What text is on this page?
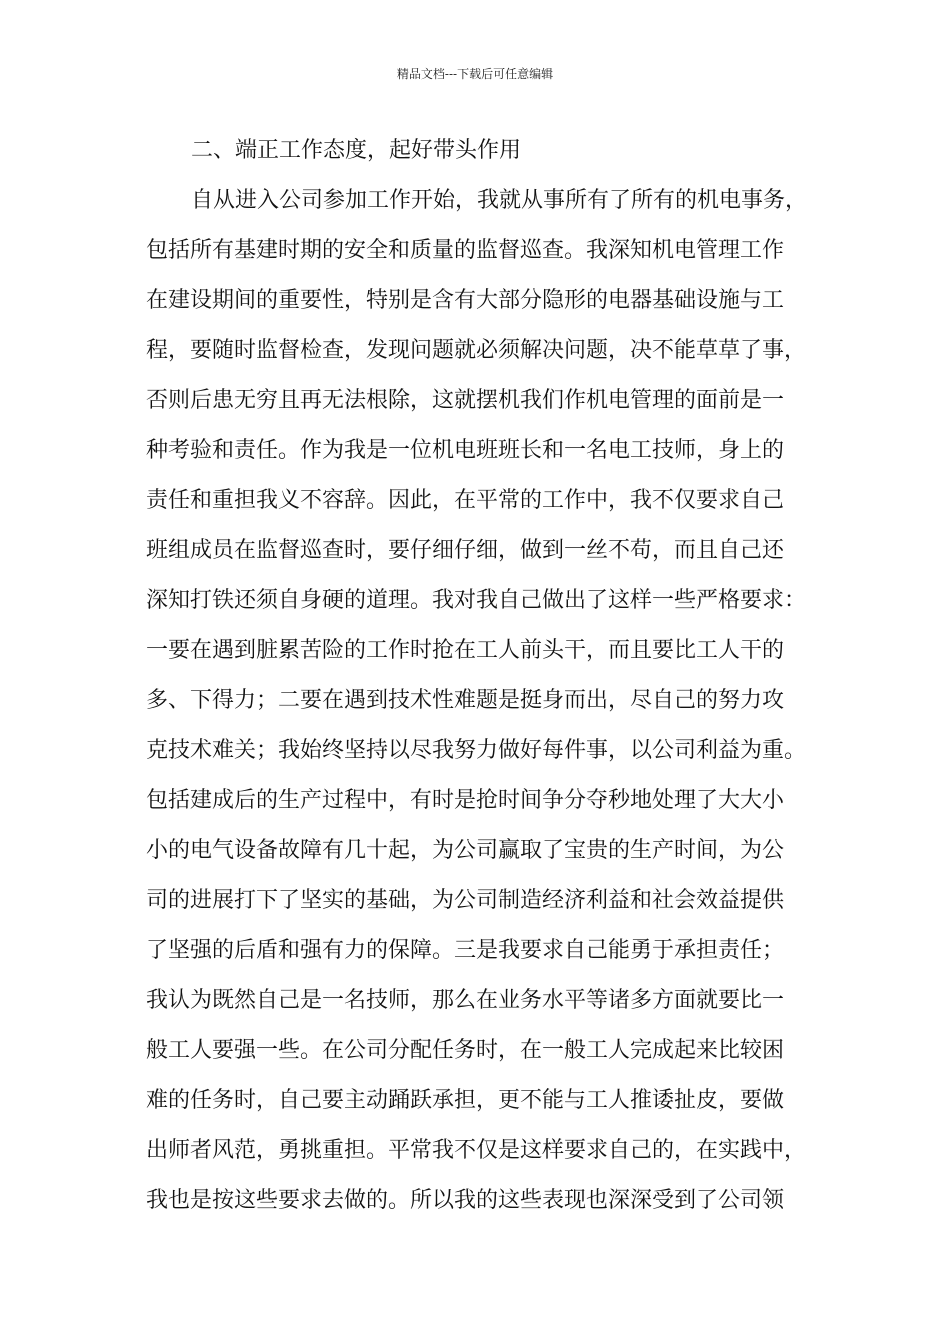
精品文档---下载后可任意编辑
二、端正工作态度，起好带头作用
自从进入公司参加工作开始，我就从事所有了所有的机电事务，
包括所有基建时期的安全和质量的监督巡查。我深知机电管理工作
在建设期间的重要性，特别是含有大部分隐形的电器基础设施与工
程，要随时监督检查，发现问题就必须解决问题，决不能草草了事，
否则后患无穷且再无法根除，这就摆机我们作机电管理的面前是一
种考验和责任。作为我是一位机电班班长和一名电工技师，身上的
责任和重担我义不容辞。因此，在平常的工作中，我不仅要求自己
班组成员在监督巡查时，要仔细仔细，做到一丝不苟，而且自己还
深知打铁还须自身硬的道理。我对我自己做出了这样一些严格要求：
一要在遇到脏累苦险的工作时抢在工人前头干，而且要比工人干的
多、下得力；二要在遇到技术性难题是挺身而出，尽自己的努力攻
克技术难关；我始终坚持以尽我努力做好每件事，以公司利益为重。
包括建成后的生产过程中，有时是抢时间争分夺秒地处理了大大小
小的电气设备故障有几十起，为公司赢取了宝贵的生产时间，为公
司的进展打下了坚实的基础，为公司制造经济利益和社会效益提供
了坚强的后盾和强有力的保障。三是我要求自己能勇于承担责任；
我认为既然自己是一名技师，那么在业务水平等诸多方面就要比一
般工人要强一些。在公司分配任务时，在一般工人完成起来比较困
难的任务时，自己要主动踊跃承担，更不能与工人推诿扯皮，要做
出师者风范，勇挑重担。平常我不仅是这样要求自己的，在实践中，
我也是按这些要求去做的。所以我的这些表现也深深受到了公司领
